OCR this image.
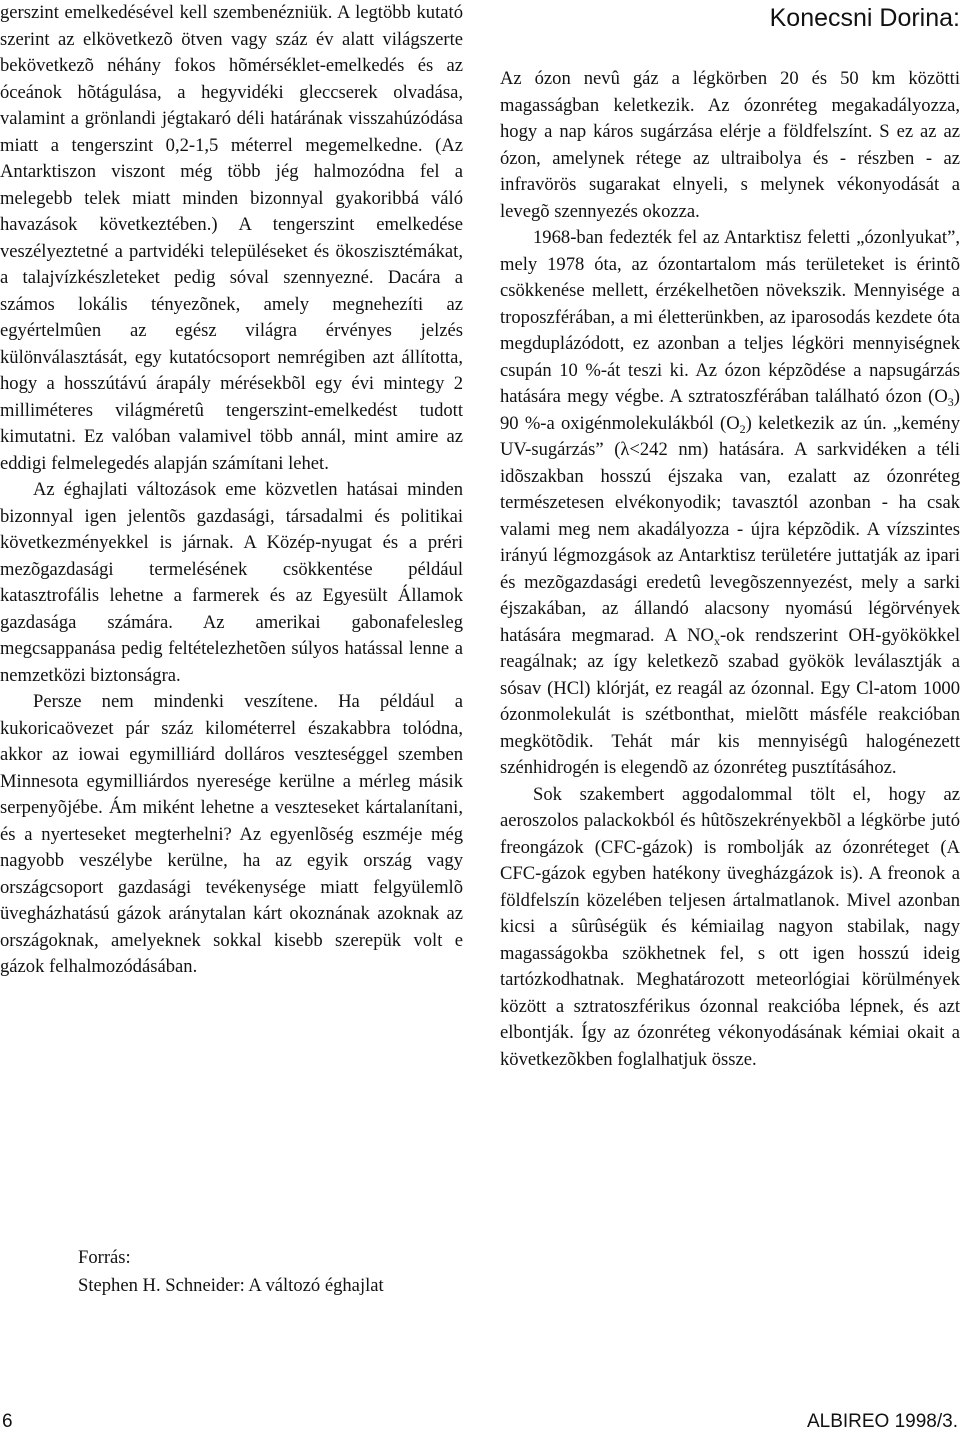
gerszint emelkedésével kell szembenézniük. A legtöbb kutató szerint az elkövetkezõ ötven vagy száz év alatt világszerte bekövetkezõ néhány fokos hõmérséklet-emelkedés és az óceánok hõtágulása, a hegyvidéki gleccserek olvadása, valamint a grönlandi jégtakaró déli határának visszahúzódása miatt a tengerszint 0,2-1,5 méterrel megemelkedne. (Az Antarktiszon viszont még több jég halmozódna fel a melegebb telek miatt minden bizonnyal gyakoribbá váló havazások következtében.) A tengerszint emelkedése veszélyeztetné a partvidéki településeket és ökoszisztémákat, a talajvízkészleteket pedig sóval szennyezné. Dacára a számos lokális tényezõnek, amely megnehezíti az egyértelmûen az egész világra érvényes jelzés különválasztását, egy kutatócsoport nemrégiben azt állította, hogy a hosszútávú árapály mérésekbõl egy évi mintegy 2 milliméteres világméretû tengerszint-emelkedést tudott kimutatni. Ez valóban valamivel több annál, mint amire az eddigi felmelegedés alapján számítani lehet.

Az éghajlati változások eme közvetlen hatásai minden bizonnyal igen jelentõs gazdasági, társadalmi és politikai következményekkel is járnak. A Közép-nyugat és a préri mezõgazdasági termelésének csökkentése például katasztrofális lehetne a farmerek és az Egyesült Államok gazdasága számára. Az amerikai gabonafelesleg megcsappanása pedig feltételezhetõen súlyos hatással lenne a nemzetközi biztonságra.

Persze nem mindenki veszítene. Ha például a kukoricaövezet pár száz kilométerrel északabbra tolódna, akkor az iowai egymilliárd dolláros veszteséggel szemben Minnesota egymilliárdos nyeresége kerülne a mérleg másik serpenyõjébe. Ám miként lehetne a veszteseket kártalanítani, és a nyerteseket megterhelni? Az egyenlõség eszméje még nagyobb veszélybe kerülne, ha az egyik ország vagy országcsoport gazdasági tevékenysége miatt felgyülemlõ üvegházhatású gázok aránytalan kárt okoznának azoknak az országoknak, amelyeknek sokkal kisebb szerepük volt e gázok felhalmozódásában.

Forrás:
Stephen H. Schneider: A változó éghajlat
Konecsni Dorina:

Az ózon nevû gáz a légkörben 20 és 50 km közötti magasságban keletkezik. Az ózonréteg megakadályozza, hogy a nap káros sugárzása elérje a földfelszínt. S ez az az ózon, amelynek rétege az ultraibolya és - részben - az infravörös sugarakat elnyeli, s melynek vékonyodását a levegõ szennyezés okozza.

1968-ban fedezték fel az Antarktisz feletti „ózonlyukat”, mely 1978 óta, az ózontartalom más területeket is érintõ csökkenése mellett, érzékelhetõen növekszik. Mennyisége a troposzférában, a mi életterünkben, az iparosodás kezdete óta megduplázódott, ez azonban a teljes légköri mennyiségnek csupán 10 %-át teszi ki. Az ózon képzõdése a napsugárzás hatására megy végbe. A sztratoszférában található ózon $(O_3)$ 90 %-a oxigénmolekulákból $(O_2)$ keletkezik az ún. „kemény UV-sugárzás” (λ<242 nm) hatására. A sarkvidéken a téli idõszakban hosszú éjszaka van, ezalatt az ózonréteg természetesen elvékonyodik; tavasztól azonban - ha csak valami meg nem akadályozza - újra képzõdik. A vízszintes irányú légmozgások az Antarktisz területére juttatják az ipari és mezõgazdasági eredetû levegõszennyezést, mely a sarki éjszakában, az állandó alacsony nyomású légörvények hatására megmarad. A $NO_x-ok$ rendszerint OH-gyökökkel reagálnak; az így keletkezõ szabad gyökök leválasztják a sósav (HCl) klórját, ez reagál az ózonnal. Egy Cl-atom 1000 ózonmolekulát is szétbonthat, mielõtt másféle reakcióban megkötõdik. Tehát már kis mennyiségû halogénezett szénhidrogén is elegendõ az ózonréteg pusztításához.

Sok szakembert aggodalommal tölt el, hogy az aeroszolos palackokból és hûtõszekrényekbõl a légkörbe jutó freongázok (CFC-gázok) is rombolják az ózonréteget (A CFC-gázok egyben hatékony üvegházgázok is). A freonok a földfelszín közelében teljesen ártalmatlanok. Mivel azonban kicsi a sûrûségük és kémiailag nagyon stabilak, nagy magasságokba szökhetnek fel, s ott igen hosszú ideig tartózkodhatnak. Meghatározott meteorlógiai körülmények között a sztratoszférikus ózonnal reakcióba lépnek, és azt elbontják. Így az ózonréteg vékonyodásának kémiai okait a következõkben foglalhatjuk össze.

6	ALBIREO 1998/3.
